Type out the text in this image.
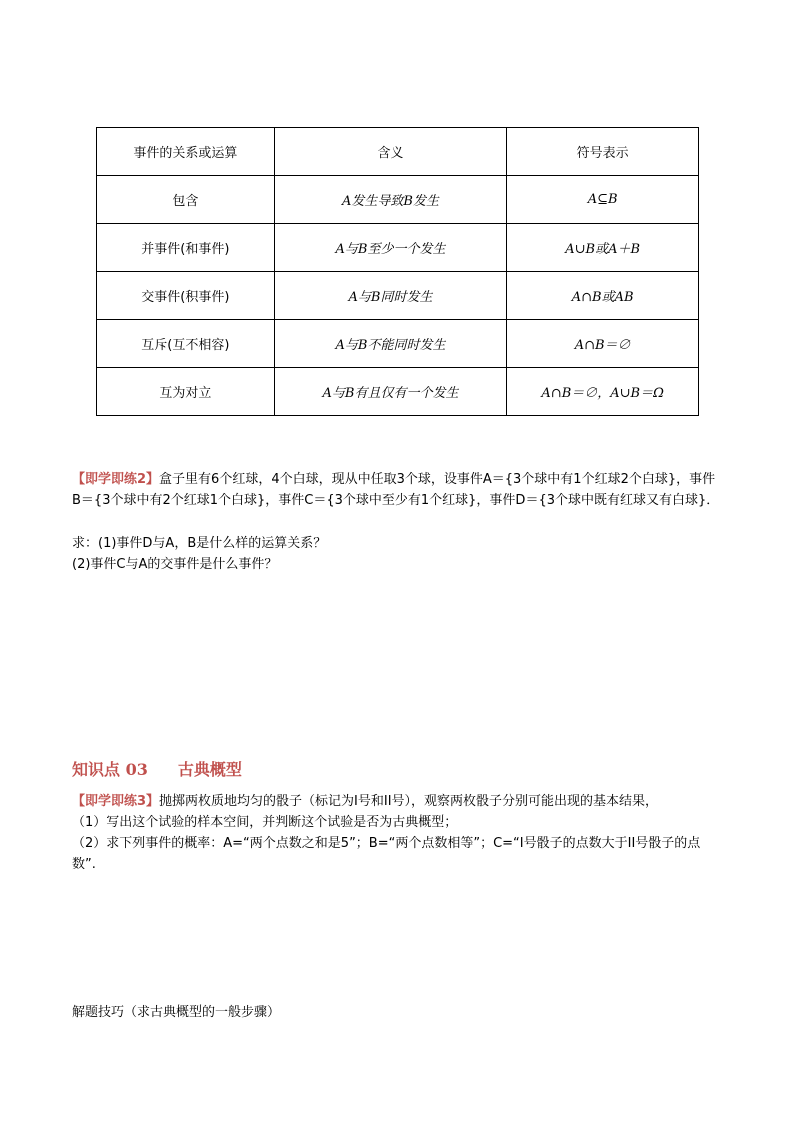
事件的关系或运算	含义	符号表示
包含	A发生导致B发生	A⊆B
并事件(和事件)	A与B至少一个发生	A∪B或A＋B
交事件(积事件)	A与B同时发生	A∩B或AB
互斥(互不相容)	A与B不能同时发生	A∩B＝∅
互为对立	A与B有且仅有一个发生	A∩B＝∅，A∪B＝Ω
【即学即练2】盒子里有6个红球，4个白球，现从中任取3个球，设事件A＝{3个球中有1个红球2个白球}，事件B＝{3个球中有2个红球1个白球}，事件C＝{3个球中至少有1个红球}，事件D＝{3个球中既有红球又有白球}．
求：(1)事件D与A，B是什么样的运算关系？
(2)事件C与A的交事件是什么事件？
知识点 03 古典概型
【即学即练3】抛掷两枚质地均匀的骰子（标记为I号和II号），观察两枚骰子分别可能出现的基本结果，
（1）写出这个试验的样本空间，并判断这个试验是否为古典概型；
（2）求下列事件的概率：A=“两个点数之和是5”；B=“两个点数相等”；C=“I号骰子的点数大于II号骰子的点数”.
解题技巧（求古典概型的一般步骤）
